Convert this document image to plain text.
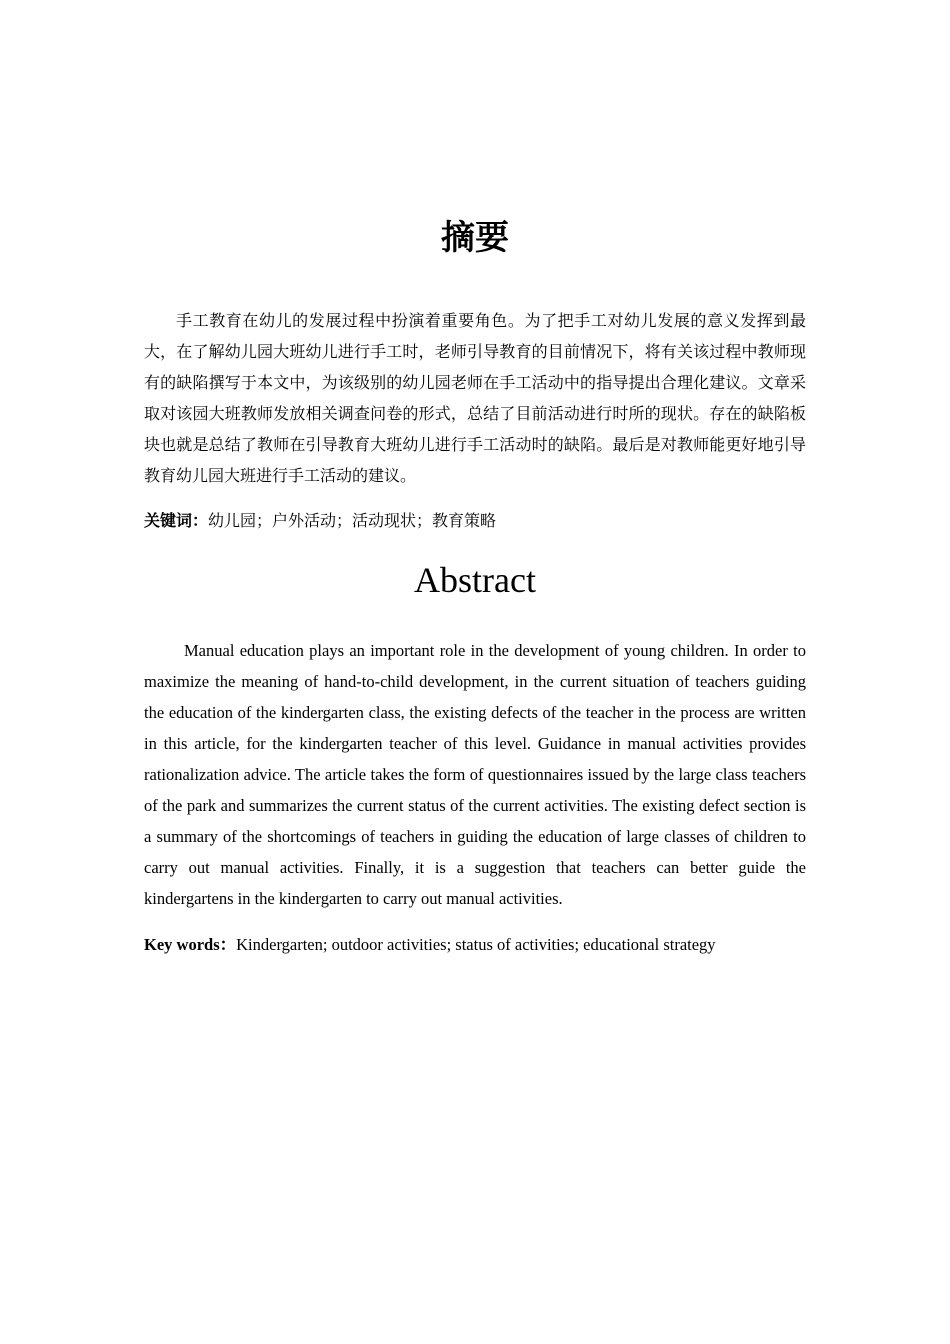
摘要

手工教育在幼儿的发展过程中扮演着重要角色。为了把手工对幼儿发展的意义发挥到最大，在了解幼儿园大班幼儿进行手工时，老师引导教育的目前情况下，将有关该过程中教师现有的缺陷撰写于本文中，为该级别的幼儿园老师在手工活动中的指导提出合理化建议。文章采取对该园大班教师发放相关调查问卷的形式，总结了目前活动进行时所的现状。存在的缺陷板块也就是总结了教师在引导教育大班幼儿进行手工活动时的缺陷。最后是对教师能更好地引导教育幼儿园大班进行手工活动的建议。

关键词：幼儿园；户外活动；活动现状；教育策略

Abstract

Manual education plays an important role in the development of young children. In order to maximize the meaning of hand-to-child development, in the current situation of teachers guiding the education of the kindergarten class, the existing defects of the teacher in the process are written in this article, for the kindergarten teacher of this level. Guidance in manual activities provides rationalization advice. The article takes the form of questionnaires issued by the large class teachers of the park and summarizes the current status of the current activities. The existing defect section is a summary of the shortcomings of teachers in guiding the education of large classes of children to carry out manual activities. Finally, it is a suggestion that teachers can better guide the kindergartens in the kindergarten to carry out manual activities.

Key words：Kindergarten; outdoor activities; status of activities; educational strategy
